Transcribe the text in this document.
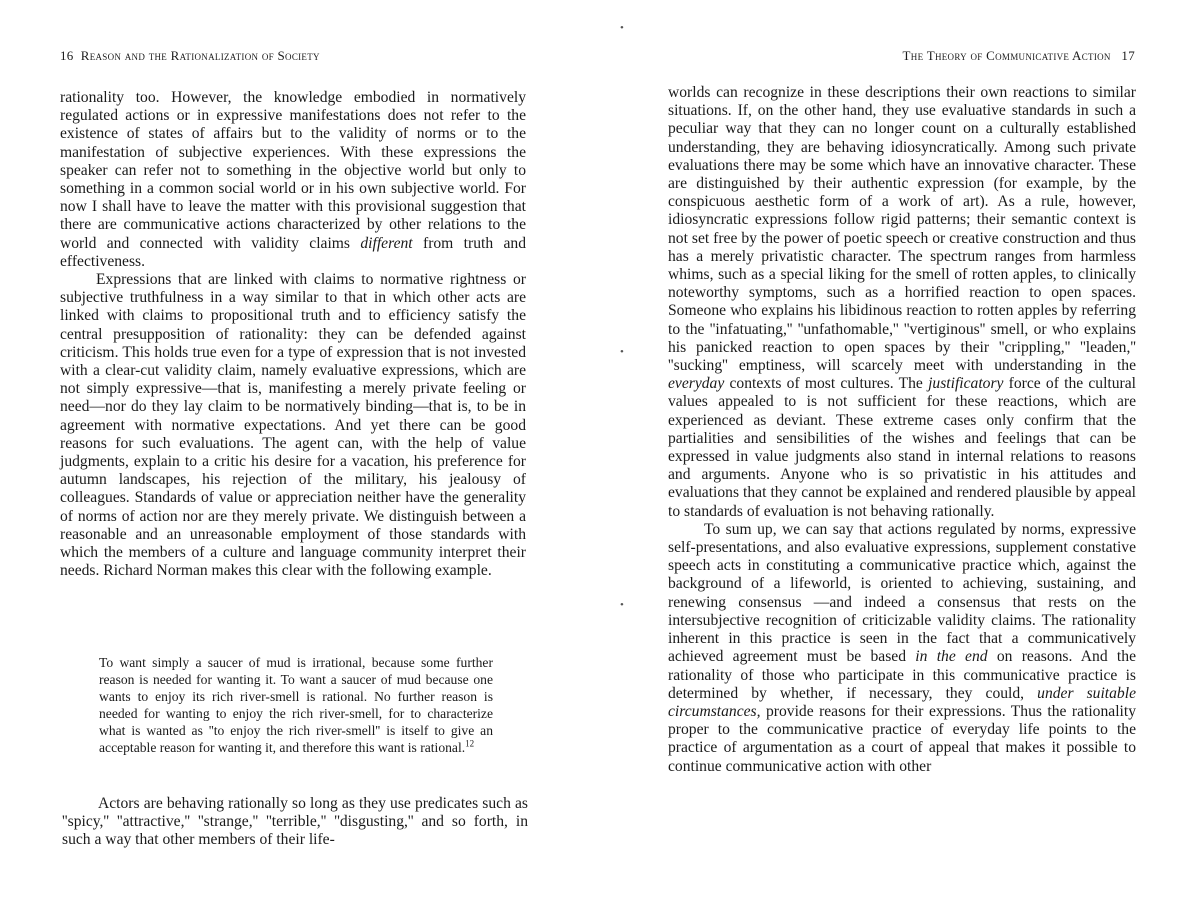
16 Reason and the Rationalization of Society

rationality too. However, the knowledge embodied in normatively regulated actions or in expressive manifestations does not refer to the existence of states of affairs but to the validity of norms or to the manifestation of subjective experiences. With these expressions the speaker can refer not to something in the objective world but only to something in a common social world or in his own subjective world. For now I shall have to leave the matter with this provisional suggestion that there are communicative actions characterized by other relations to the world and connected with validity claims different from truth and effectiveness.

Expressions that are linked with claims to normative rightness or subjective truthfulness in a way similar to that in which other acts are linked with claims to propositional truth and to efficiency satisfy the central presupposition of rationality: they can be defended against criticism. This holds true even for a type of expression that is not invested with a clear-cut validity claim, namely evaluative expressions, which are not simply expressive—that is, manifesting a merely private feeling or need—nor do they lay claim to be normatively binding—that is, to be in agreement with normative expectations. And yet there can be good reasons for such evaluations. The agent can, with the help of value judgments, explain to a critic his desire for a vacation, his preference for autumn landscapes, his rejection of the military, his jealousy of colleagues. Standards of value or appreciation neither have the generality of norms of action nor are they merely private. We distinguish between a reasonable and an unreasonable employment of those standards with which the members of a culture and language community interpret their needs. Richard Norman makes this clear with the following example.

To want simply a saucer of mud is irrational, because some further reason is needed for wanting it. To want a saucer of mud because one wants to enjoy its rich river-smell is rational. No further reason is needed for wanting to enjoy the rich river-smell, for to characterize what is wanted as ''to enjoy the rich river-smell'' is itself to give an acceptable reason for wanting it, and therefore this want is rational.$^{12}$

Actors are behaving rationally so long as they use predicates such as ''spicy,'' ''attractive,'' ''strange,'' ''terrible,'' ''disgusting,'' and so forth, in such a way that other members of their life-

The Theory of Communicative Action 17

worlds can recognize in these descriptions their own reactions to similar situations. If, on the other hand, they use evaluative standards in such a peculiar way that they can no longer count on a culturally established understanding, they are behaving idiosyncratically. Among such private evaluations there may be some which have an innovative character. These are distinguished by their authentic expression (for example, by the conspicuous aesthetic form of a work of art). As a rule, however, idiosyncratic expressions follow rigid patterns; their semantic context is not set free by the power of poetic speech or creative construction and thus has a merely privatistic character. The spectrum ranges from harmless whims, such as a special liking for the smell of rotten apples, to clinically noteworthy symptoms, such as a horrified reaction to open spaces. Someone who explains his libidinous reaction to rotten apples by referring to the ''infatuating,'' ''unfathomable,'' ''vertiginous'' smell, or who explains his panicked reaction to open spaces by their ''crippling,'' ''leaden,'' ''sucking'' emptiness, will scarcely meet with understanding in the everyday contexts of most cultures. The justificatory force of the cultural values appealed to is not sufficient for these reactions, which are experienced as deviant. These extreme cases only confirm that the partialities and sensibilities of the wishes and feelings that can be expressed in value judgments also stand in internal relations to reasons and arguments. Anyone who is so privatistic in his attitudes and evaluations that they cannot be explained and rendered plausible by appeal to standards of evaluation is not behaving rationally.

To sum up, we can say that actions regulated by norms, expressive self-presentations, and also evaluative expressions, supplement constative speech acts in constituting a communicative practice which, against the background of a lifeworld, is oriented to achieving, sustaining, and renewing consensus —and indeed a consensus that rests on the intersubjective recognition of criticizable validity claims. The rationality inherent in this practice is seen in the fact that a communicatively achieved agreement must be based in the end on reasons. And the rationality of those who participate in this communicative practice is determined by whether, if necessary, they could, under suitable circumstances, provide reasons for their expressions. Thus the rationality proper to the communicative practice of everyday life points to the practice of argumentation as a court of appeal that makes it possible to continue communicative action with other

•
•
•
